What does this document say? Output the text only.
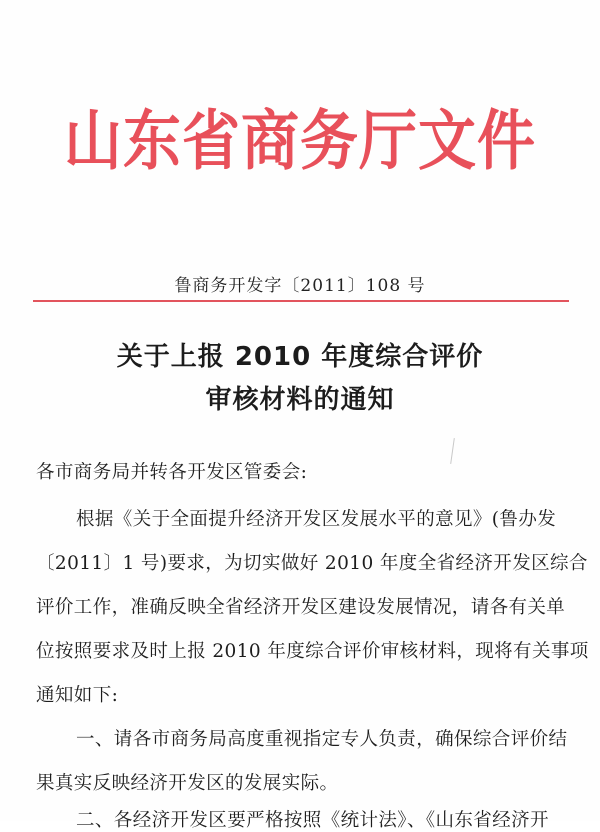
山东省商务厅文件
鲁商务开发字〔2011〕108 号
关于上报 2010 年度综合评价
审核材料的通知
各市商务局并转各开发区管委会:
根据《关于全面提升经济开发区发展水平的意见》(鲁办发
〔2011〕1 号)要求，为切实做好 2010 年度全省经济开发区综合
评价工作，准确反映全省经济开发区建设发展情况，请各有关单
位按照要求及时上报 2010 年度综合评价审核材料，现将有关事项
通知如下:
一、请各市商务局高度重视指定专人负责，确保综合评价结
果真实反映经济开发区的发展实际。
二、各经济开发区要严格按照《统计法》、《山东省经济开
